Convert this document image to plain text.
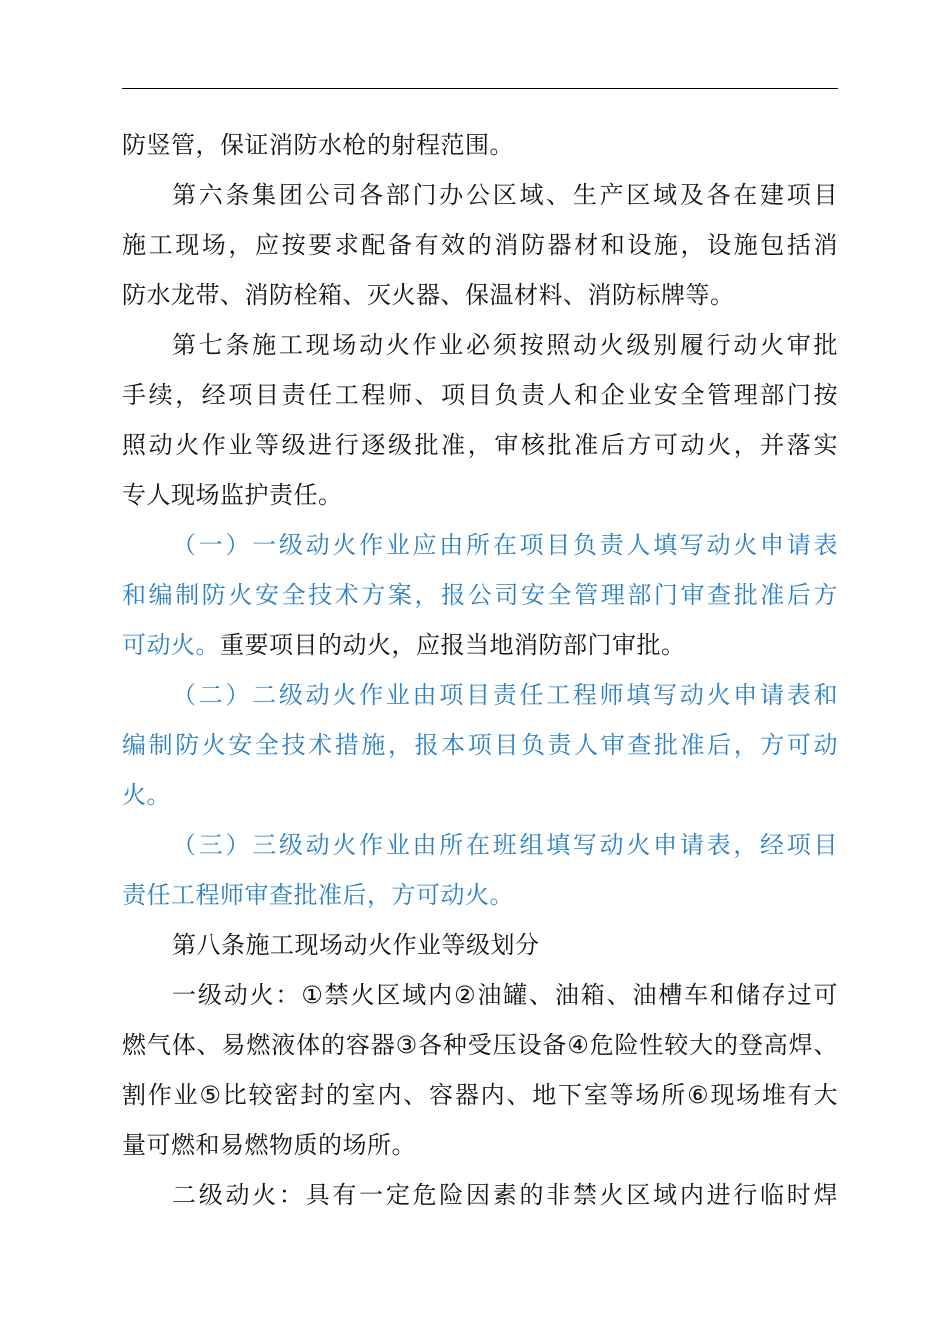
防竖管，保证消防水枪的射程范围。
第六条集团公司各部门办公区域、生产区域及各在建项目
施工现场，应按要求配备有效的消防器材和设施，设施包括消
防水龙带、消防栓箱、灭火器、保温材料、消防标牌等。
第七条施工现场动火作业必须按照动火级别履行动火审批
手续，经项目责任工程师、项目负责人和企业安全管理部门按
照动火作业等级进行逐级批准，审核批准后方可动火，并落实
专人现场监护责任。
（一）一级动火作业应由所在项目负责人填写动火申请表
和编制防火安全技术方案，报公司安全管理部门审查批准后方
可动火。重要项目的动火，应报当地消防部门审批。
（二）二级动火作业由项目责任工程师填写动火申请表和
编制防火安全技术措施，报本项目负责人审查批准后，方可动
火。
（三）三级动火作业由所在班组填写动火申请表，经项目
责任工程师审查批准后，方可动火。
第八条施工现场动火作业等级划分
一级动火：①禁火区域内②油罐、油箱、油槽车和储存过可
燃气体、易燃液体的容器③各种受压设备④危险性较大的登高焊、
割作业⑤比较密封的室内、容器内、地下室等场所⑥现场堆有大
量可燃和易燃物质的场所。
二级动火：具有一定危险因素的非禁火区域内进行临时焊
